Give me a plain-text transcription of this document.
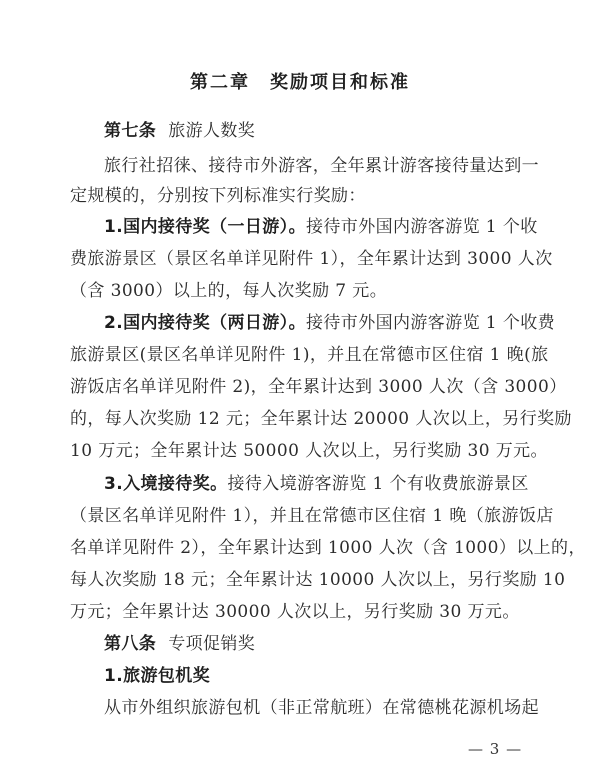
第二章　奖励项目和标准
第七条 旅游人数奖
旅行社招徕、接待市外游客，全年累计游客接待量达到一
定规模的，分别按下列标准实行奖励：
1.国内接待奖（一日游）。接待市外国内游客游览 1 个收
费旅游景区（景区名单详见附件 1），全年累计达到 3000 人次
（含 3000）以上的，每人次奖励 7 元。
2.国内接待奖（两日游）。接待市外国内游客游览 1 个收费
旅游景区(景区名单详见附件 1)，并且在常德市区住宿 1 晚(旅
游饭店名单详见附件 2)，全年累计达到 3000 人次（含 3000）
的，每人次奖励 12 元；全年累计达 20000 人次以上，另行奖励
10 万元；全年累计达 50000 人次以上，另行奖励 30 万元。
3.入境接待奖。接待入境游客游览 1 个有收费旅游景区
（景区名单详见附件 1），并且在常德市区住宿 1 晚（旅游饭店
名单详见附件 2），全年累计达到 1000 人次（含 1000）以上的，
每人次奖励 18 元；全年累计达 10000 人次以上，另行奖励 10
万元；全年累计达 30000 人次以上，另行奖励 30 万元。
第八条 专项促销奖
1.旅游包机奖
从市外组织旅游包机（非正常航班）在常德桃花源机场起
— 3 —
